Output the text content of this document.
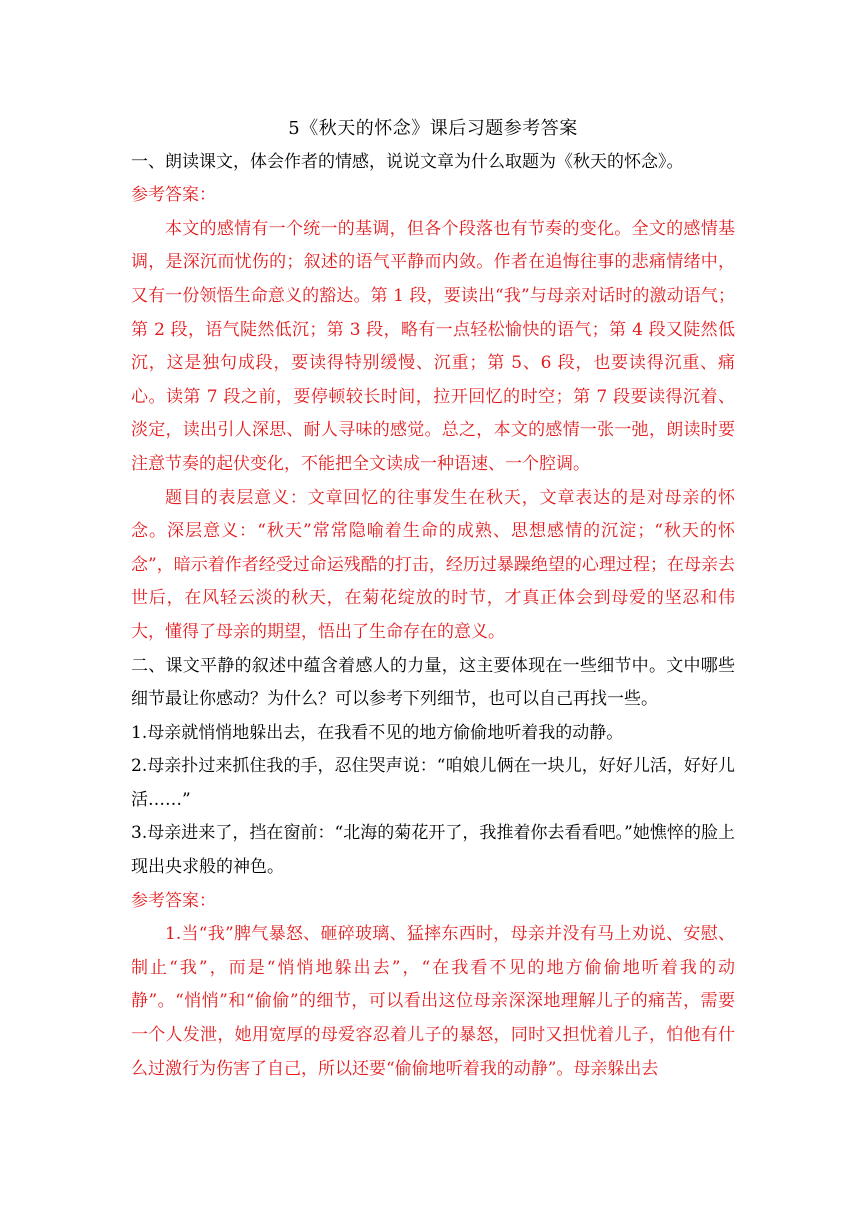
5《秋天的怀念》课后习题参考答案

一、朗读课文，体会作者的情感，说说文章为什么取题为《秋天的怀念》。

参考答案：

本文的感情有一个统一的基调，但各个段落也有节奏的变化。全文的感情基调，是深沉而忧伤的；叙述的语气平静而内敛。作者在追悔往事的悲痛情绪中，又有一份领悟生命意义的豁达。第 1 段，要读出“我”与母亲对话时的激动语气；第 2 段，语气陡然低沉；第 3 段，略有一点轻松愉快的语气；第 4 段又陡然低沉，这是独句成段，要读得特别缓慢、沉重；第 5、6 段，也要读得沉重、痛心。读第 7 段之前，要停顿较长时间，拉开回忆的时空；第 7 段要读得沉着、淡定，读出引人深思、耐人寻味的感觉。总之，本文的感情一张一弛，朗读时要注意节奏的起伏变化，不能把全文读成一种语速、一个腔调。

题目的表层意义：文章回忆的往事发生在秋天，文章表达的是对母亲的怀念。深层意义：“秋天”常常隐喻着生命的成熟、思想感情的沉淀；“秋天的怀念”，暗示着作者经受过命运残酷的打击，经历过暴躁绝望的心理过程；在母亲去世后，在风轻云淡的秋天，在菊花绽放的时节，才真正体会到母爱的坚忍和伟大，懂得了母亲的期望，悟出了生命存在的意义。

二、课文平静的叙述中蕴含着感人的力量，这主要体现在一些细节中。文中哪些细节最让你感动？为什么？可以参考下列细节，也可以自己再找一些。

1.母亲就悄悄地躲出去，在我看不见的地方偷偷地听着我的动静。

2.母亲扑过来抓住我的手，忍住哭声说：“咱娘儿俩在一块儿，好好儿活，好好儿活……”

3.母亲进来了，挡在窗前：“北海的菊花开了，我推着你去看看吧。”她憔悴的脸上现出央求般的神色。

参考答案：

1.当“我”脾气暴怒、砸碎玻璃、猛摔东西时，母亲并没有马上劝说、安慰、制止“我”，而是“悄悄地躲出去”，“在我看不见的地方偷偷地听着我的动静”。“悄悄”和“偷偷”的细节，可以看出这位母亲深深地理解儿子的痛苦，需要一个人发泄，她用宽厚的母爱容忍着儿子的暴怒，同时又担忧着儿子，怕他有什么过激行为伤害了自己，所以还要“偷偷地听着我的动静”。母亲躲出去
